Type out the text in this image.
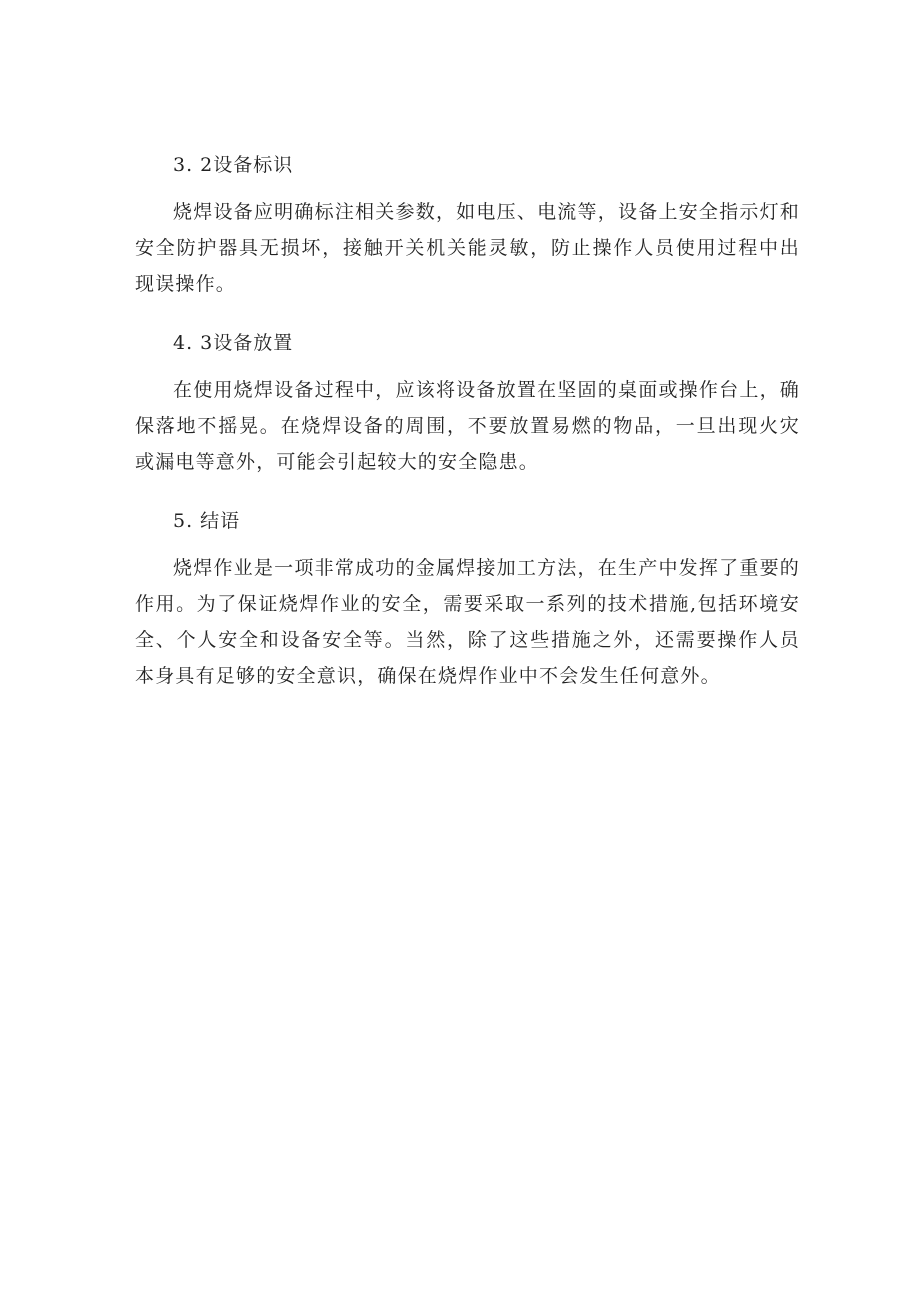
3. 2设备标识

烧焊设备应明确标注相关参数，如电压、电流等，设备上安全指示灯和安全防护器具无损坏，接触开关机关能灵敏，防止操作人员使用过程中出现误操作。

4. 3设备放置

在使用烧焊设备过程中，应该将设备放置在坚固的桌面或操作台上，确保落地不摇晃。在烧焊设备的周围，不要放置易燃的物品，一旦出现火灾或漏电等意外，可能会引起较大的安全隐患。

5. 结语

烧焊作业是一项非常成功的金属焊接加工方法，在生产中发挥了重要的作用。为了保证烧焊作业的安全，需要采取一系列的技术措施,包括环境安全、个人安全和设备安全等。当然，除了这些措施之外，还需要操作人员本身具有足够的安全意识，确保在烧焊作业中不会发生任何意外。
